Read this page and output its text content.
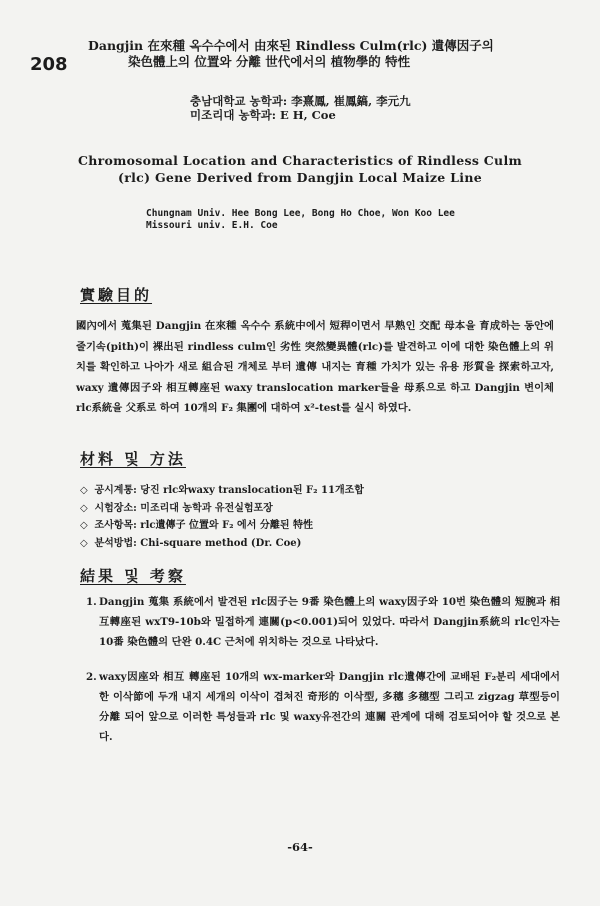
208
Dangjin 在來種 옥수수에서 由來된 Rindless Culm(rlc) 遺傳因子의
染色體上의 位置와 分離 世代에서의 植物學的 特性
충남대학교 농학과: 李熹鳳, 崔鳳鎬, 李元九
미조리대 농학과: E H, Coe
Chromosomal Location and Characteristics of Rindless Culm
(rlc) Gene Derived from Dangjin Local Maize Line
Chungnam Univ. Hee Bong Lee, Bong Ho Choe, Won Koo Lee
Missouri univ. E.H. Coe
實驗目的
國內에서 蒐集된 Dangjin 在來種 옥수수 系統中에서 短稈이면서 早熟인 交配 母本을 育成하는 동안에 줄기속(pith)이 裸出된 rindless culm인 劣性 突然變異體(rlc)를 발견하고 이에 대한 染色體上의 위치를 확인하고 나아가 새로 組合된 개체로 부터 遺傳 내지는 育種 가치가 있는 유용 形質을 探索하고자, waxy 遺傳因子와 相互轉座된 waxy translocation marker들을 母系으로 하고 Dangjin 변이체 rlc系統을 父系로 하여 10개의 F₂ 集團에 대하여 x²-test를 실시 하였다.
材料 및 方法
◇ 공시계통: 당진 rlc와waxy translocation된 F₂ 11개조합
◇ 시험장소: 미조리대 농학과 유전실험포장
◇ 조사항목: rlc遺傳子 位置와 F₂ 에서 分離된 特性
◇ 분석방법: Chi-square method (Dr. Coe)
結果 및 考察
1. Dangjin 蒐集 系統에서 발견된 rlc因子는 9番 染色體上의 waxy因子와 10번 染色體의 短腕과 相互轉座된 wxT9-10b와 밀접하게 連關(p<0.001)되어 있었다. 따라서 Dangjin系統의 rlc인자는 10番 染色體의 단완 0.4C 근처에 위치하는 것으로 나타났다.
2. waxy因座와 相互 轉座된 10개의 wx-marker와 Dangjin rlc遺傳간에 교배된 F₂분리 세대에서 한 이삭節에 두개 내지 세개의 이삭이 겹쳐진 奇形的 이삭型, 多穗 多穗型 그리고 zigzag 草型등이 分離 되어 앞으로 이러한 특성들과 rlc 및 waxy유전간의 連關 관계에 대해 검토되어야 할 것으로 본다.
-64-
